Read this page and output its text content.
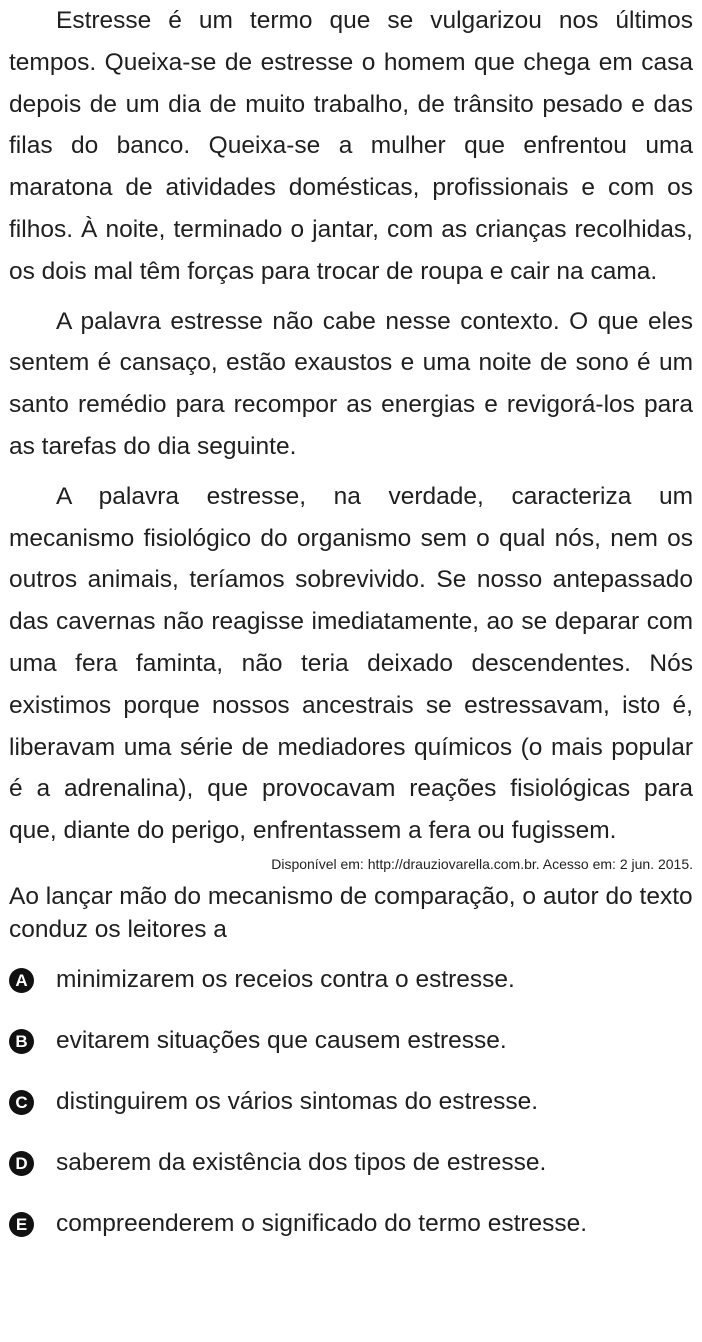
Estresse é um termo que se vulgarizou nos últimos tempos. Queixa-se de estresse o homem que chega em casa depois de um dia de muito trabalho, de trânsito pesado e das filas do banco. Queixa-se a mulher que enfrentou uma maratona de atividades domésticas, profissionais e com os filhos. À noite, terminado o jantar, com as crianças recolhidas, os dois mal têm forças para trocar de roupa e cair na cama.

A palavra estresse não cabe nesse contexto. O que eles sentem é cansaço, estão exaustos e uma noite de sono é um santo remédio para recompor as energias e revigorá-los para as tarefas do dia seguinte.

A palavra estresse, na verdade, caracteriza um mecanismo fisiológico do organismo sem o qual nós, nem os outros animais, teríamos sobrevivido. Se nosso antepassado das cavernas não reagisse imediatamente, ao se deparar com uma fera faminta, não teria deixado descendentes. Nós existimos porque nossos ancestrais se estressavam, isto é, liberavam uma série de mediadores químicos (o mais popular é a adrenalina), que provocavam reações fisiológicas para que, diante do perigo, enfrentassem a fera ou fugissem.

Disponível em: http://drauziovarella.com.br. Acesso em: 2 jun. 2015.

Ao lançar mão do mecanismo de comparação, o autor do texto conduz os leitores a

A minimizarem os receios contra o estresse.
B evitarem situações que causem estresse.
C distinguirem os vários sintomas do estresse.
D saberem da existência dos tipos de estresse.
E compreenderem o significado do termo estresse.
